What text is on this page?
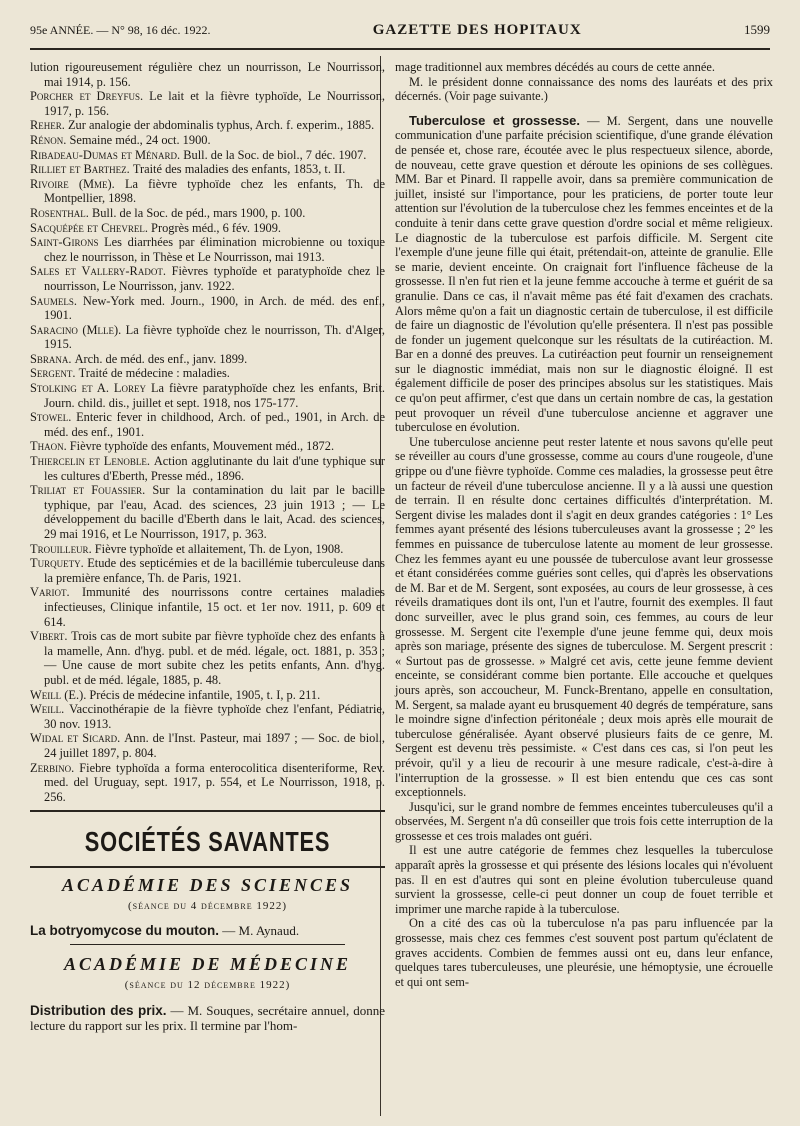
95e ANNÉE. — N° 98, 16 déc. 1922.	GAZETTE DES HOPITAUX	1599

lution rigoureusement régulière chez un nourrisson, Le Nourrisson, mai 1914, p. 156.

Porcher et Dreyfus. Le lait et la fièvre typhoïde, Le Nourrisson, 1917, p. 156.

Reher. Zur analogie der abdominalis typhus, Arch. f. experim., 1885.

Rénon. Semaine méd., 24 oct. 1900.

Ribadeau-Dumas et Ménard. Bull. de la Soc. de biol., 7 déc. 1907.

Rilliet et Barthez. Traité des maladies des enfants, 1853, t. II.

Rivoire (Mme). La fièvre typhoïde chez les enfants, Th. de Montpellier, 1898.

Rosenthal. Bull. de la Soc. de péd., mars 1900, p. 100.

Sacquépée et Chevrel. Progrès méd., 6 fév. 1909.

Saint-Girons Les diarrhées par élimination microbienne ou toxique chez le nourrisson, in Thèse et Le Nourrisson, mai 1913.

Sales et Vallery-Radot. Fièvres typhoïde et paratyphoïde chez le nourrisson, Le Nourrisson, janv. 1922.

Saumels. New-York med. Journ., 1900, in Arch. de méd. des enf., 1901.

Saracino (Mlle). La fièvre typhoïde chez le nourrisson, Th. d'Alger, 1915.

Sbrana. Arch. de méd. des enf., janv. 1899.

Sergent. Traité de médecine : maladies.

Stolking et A. Lorey La fièvre paratyphoïde chez les enfants, Brit. Journ. child. dis., juillet et sept. 1918, nos 175-177.

Stowel. Enteric fever in childhood, Arch. of ped., 1901, in Arch. de méd. des enf., 1901.

Thaon. Fièvre typhoïde des enfants, Mouvement méd., 1872.

Thiercelin et Lenoble. Action agglutinante du lait d'une typhique sur les cultures d'Eberth, Presse méd., 1896.

Triliat et Fouassier. Sur la contamination du lait par le bacille typhique, par l'eau, Acad. des sciences, 23 juin 1913 ; — Le développement du bacille d'Eberth dans le lait, Acad. des sciences, 29 mai 1916, et Le Nourrisson, 1917, p. 363.

Trouilleur. Fièvre typhoïde et allaitement, Th. de Lyon, 1908.

Turquety. Etude des septicémies et de la bacillémie tuberculeuse dans la première enfance, Th. de Paris, 1921.

Variot. Immunité des nourrissons contre certaines maladies infectieuses, Clinique infantile, 15 oct. et 1er nov. 1911, p. 609 et 614.

Vibert. Trois cas de mort subite par fièvre typhoïde chez des enfants à la mamelle, Ann. d'hyg. publ. et de méd. légale, oct. 1881, p. 353 ; — Une cause de mort subite chez les petits enfants, Ann. d'hyg. publ. et de méd. légale, 1885, p. 48.

Weill (E.). Précis de médecine infantile, 1905, t. I, p. 211.

Weill. Vaccinothérapie de la fièvre typhoïde chez l'enfant, Pédiatrie, 30 nov. 1913.

Widal et Sicard. Ann. de l'Inst. Pasteur, mai 1897 ; — Soc. de biol., 24 juillet 1897, p. 804.

Zerbino. Fiebre typhoïda a forma enterocolitica disenteriforme, Rev. med. del Uruguay, sept. 1917, p. 554, et Le Nourrisson, 1918, p. 256.

SOCIÉTÉS SAVANTES
ACADÉMIE DES SCIENCES
(séance du 4 décembre 1922)
La botryomycose du mouton. — M. Aynaud.
ACADÉMIE DE MÉDECINE
(séance du 12 décembre 1922)
Distribution des prix. — M. Souques, secrétaire annuel, donne lecture du rapport sur les prix. Il termine par l'hom-

mage traditionnel aux membres décédés au cours de cette année.

M. le président donne connaissance des noms des lauréats et des prix décernés. (Voir page suivante.)

Tuberculose et grossesse. — M. Sergent, dans une nouvelle communication d'une parfaite précision scientifique, d'une grande élévation de pensée et, chose rare, écoutée avec le plus respectueux silence, aborde, de nouveau, cette grave question et déroute les opinions de ses collègues. MM. Bar et Pinard. Il rappelle avoir, dans sa première communication de juillet, insisté sur l'importance, pour les praticiens, de porter toute leur attention sur l'évolution de la tuberculose chez les femmes enceintes et de la conduite à tenir dans cette grave question d'ordre social et même religieux. Le diagnostic de la tuberculose est parfois difficile. M. Sergent cite l'exemple d'une jeune fille qui était, prétendait-on, atteinte de granulie. Elle se marie, devient enceinte. On craignait fort l'influence fâcheuse de la grossesse. Il n'en fut rien et la jeune femme accouche à terme et guérit de sa granulie. Dans ce cas, il n'avait même pas été fait d'examen des crachats. Alors même qu'on a fait un diagnostic certain de tuberculose, il est difficile de faire un diagnostic de l'évolution qu'elle présentera. Il n'est pas possible de fonder un jugement quelconque sur les résultats de la cutiréaction. M. Bar en a donné des preuves. La cutiréaction peut fournir un renseignement sur le diagnostic immédiat, mais non sur le diagnostic éloigné. Il est également difficile de poser des principes absolus sur les statistiques. Mais ce qu'on peut affirmer, c'est que dans un certain nombre de cas, la gestation peut provoquer un réveil d'une tuberculose ancienne et aggraver une tuberculose en évolution.

Une tuberculose ancienne peut rester latente et nous savons qu'elle peut se réveiller au cours d'une grossesse, comme au cours d'une rougeole, d'une grippe ou d'une fièvre typhoïde. Comme ces maladies, la grossesse peut être un facteur de réveil d'une tuberculose ancienne. Il y a là aussi une question de terrain. Il en résulte donc certaines difficultés d'interprétation. M. Sergent divise les malades dont il s'agit en deux grandes catégories : 1° Les femmes ayant présenté des lésions tuberculeuses avant la grossesse ; 2° les femmes en puissance de tuberculose latente au moment de leur grossesse. Chez les femmes ayant eu une poussée de tuberculose avant leur grossesse et étant considérées comme guéries sont celles, qui d'après les observations de M. Bar et de M. Sergent, sont exposées, au cours de leur grossesse, à ces réveils dramatiques dont ils ont, l'un et l'autre, fournit des exemples. Il faut donc surveiller, avec le plus grand soin, ces femmes, au cours de leur grossesse. M. Sergent cite l'exemple d'une jeune femme qui, deux mois après son mariage, présente des signes de tuberculose. M. Sergent prescrit : « Surtout pas de grossesse. » Malgré cet avis, cette jeune femme devient enceinte, se considérant comme bien portante. Elle accouche et quelques jours après, son accoucheur, M. Funck-Brentano, appelle en consultation, M. Sergent, sa malade ayant eu brusquement 40 degrés de température, sans le moindre signe d'infection péritonéale ; deux mois après elle mourait de tuberculose généralisée. Ayant observé plusieurs faits de ce genre, M. Sergent est devenu très pessimiste. « C'est dans ces cas, si l'on peut les prévoir, qu'il y a lieu de recourir à une mesure radicale, c'est-à-dire à l'interruption de la grossesse. » Il est bien entendu que ces cas sont exceptionnels.

Jusqu'ici, sur le grand nombre de femmes enceintes tuberculeuses qu'il a observées, M. Sergent n'a dû conseiller que trois fois cette interruption de la grossesse et ces trois malades ont guéri.

Il est une autre catégorie de femmes chez lesquelles la tuberculose apparaît après la grossesse et qui présente des lésions locales qui n'évoluent pas. Il en est d'autres qui sont en pleine évolution tuberculeuse quand survient la grossesse, celle-ci peut donner un coup de fouet terrible et imprimer une marche rapide à la tuberculose.

On a cité des cas où la tuberculose n'a pas paru influencée par la grossesse, mais chez ces femmes c'est souvent post partum qu'éclatent de graves accidents. Combien de femmes aussi ont eu, dans leur enfance, quelques tares tuberculeuses, une pleurésie, une hémoptysie, une écrouelle et qui ont sem-
